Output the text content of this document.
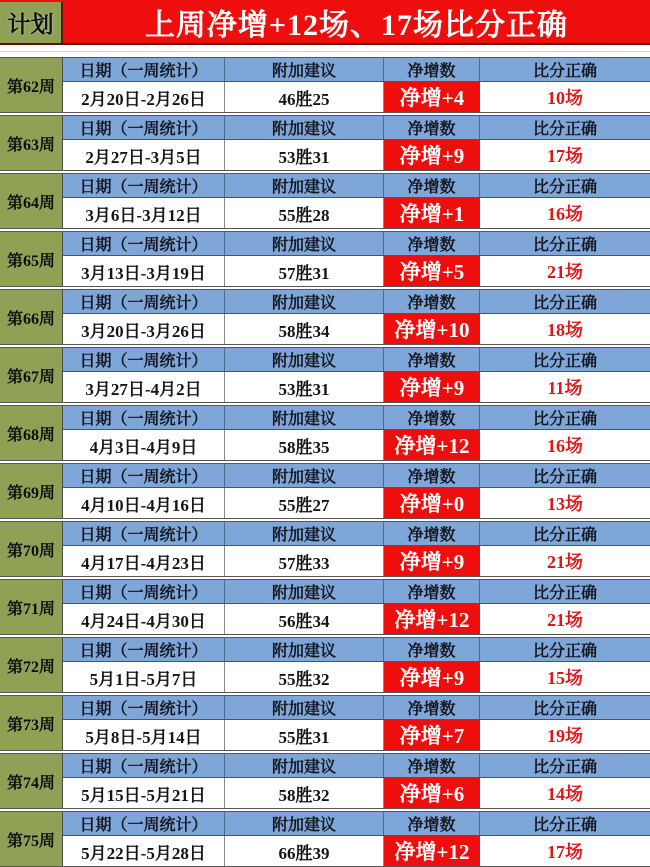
计划	上周净增+12场、17场比分正确
第62周
日期（一周统计）	附加建议	净增数	比分正确
2月20日-2月26日	46胜25	净增+4	10场
第63周
日期（一周统计）	附加建议	净增数	比分正确
2月27日-3月5日	53胜31	净增+9	17场
第64周
日期（一周统计）	附加建议	净增数	比分正确
3月6日-3月12日	55胜28	净增+1	16场
第65周
日期（一周统计）	附加建议	净增数	比分正确
3月13日-3月19日	57胜31	净增+5	21场
第66周
日期（一周统计）	附加建议	净增数	比分正确
3月20日-3月26日	58胜34	净增+10	18场
第67周
日期（一周统计）	附加建议	净增数	比分正确
3月27日-4月2日	53胜31	净增+9	11场
第68周
日期（一周统计）	附加建议	净增数	比分正确
4月3日-4月9日	58胜35	净增+12	16场
第69周
日期（一周统计）	附加建议	净增数	比分正确
4月10日-4月16日	55胜27	净增+0	13场
第70周
日期（一周统计）	附加建议	净增数	比分正确
4月17日-4月23日	57胜33	净增+9	21场
第71周
日期（一周统计）	附加建议	净增数	比分正确
4月24日-4月30日	56胜34	净增+12	21场
第72周
日期（一周统计）	附加建议	净增数	比分正确
5月1日-5月7日	55胜32	净增+9	15场
第73周
日期（一周统计）	附加建议	净增数	比分正确
5月8日-5月14日	55胜31	净增+7	19场
第74周
日期（一周统计）	附加建议	净增数	比分正确
5月15日-5月21日	58胜32	净增+6	14场
第75周
日期（一周统计）	附加建议	净增数	比分正确
5月22日-5月28日	66胜39	净增+12	17场
